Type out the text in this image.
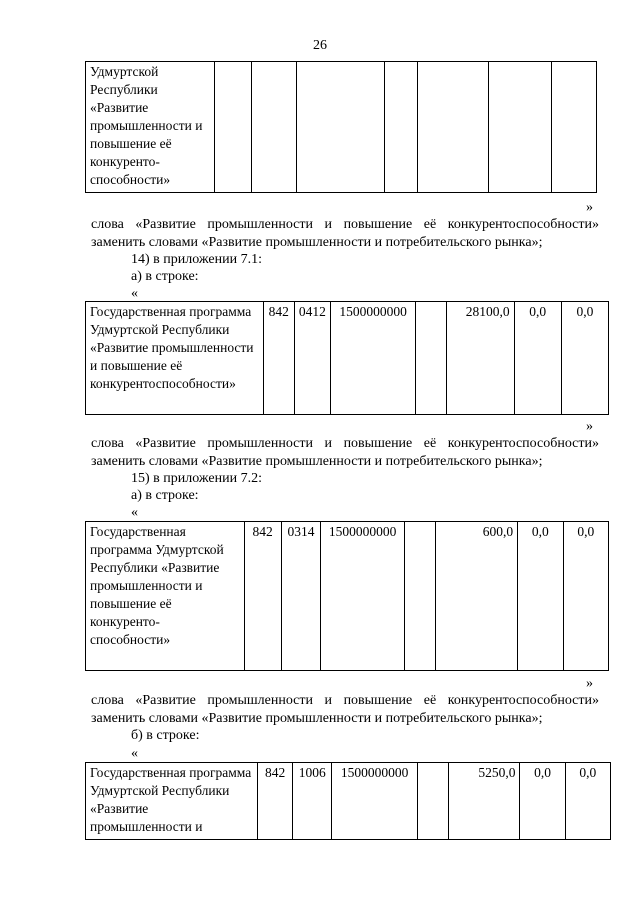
26
Удмуртской Республики «Развитие промышленности и повышение её конкуренто-способности»							
»
слова «Развитие промышленности и повышение её конкурентоспособности»
заменить словами «Развитие промышленности и потребительского рынка»;
14) в приложении 7.1:
а) в строке:
«
Государственная программа Удмуртской Республики «Развитие промышленности и повышение её конкурентоспособности»	842	0412	1500000000		28100,0	0,0	0,0
»
слова «Развитие промышленности и повышение её конкурентоспособности»
заменить словами «Развитие промышленности и потребительского рынка»;
15) в приложении 7.2:
а) в строке:
«
Государственная программа Удмуртской Республики «Развитие промышленности и повышение её конкуренто-способности»	842	0314	1500000000		600,0	0,0	0,0
»
слова «Развитие промышленности и повышение её конкурентоспособности»
заменить словами «Развитие промышленности и потребительского рынка»;
б) в строке:
«
Государственная программа Удмуртской Республики «Развитие промышленности и	842	1006	1500000000		5250,0	0,0	0,0
